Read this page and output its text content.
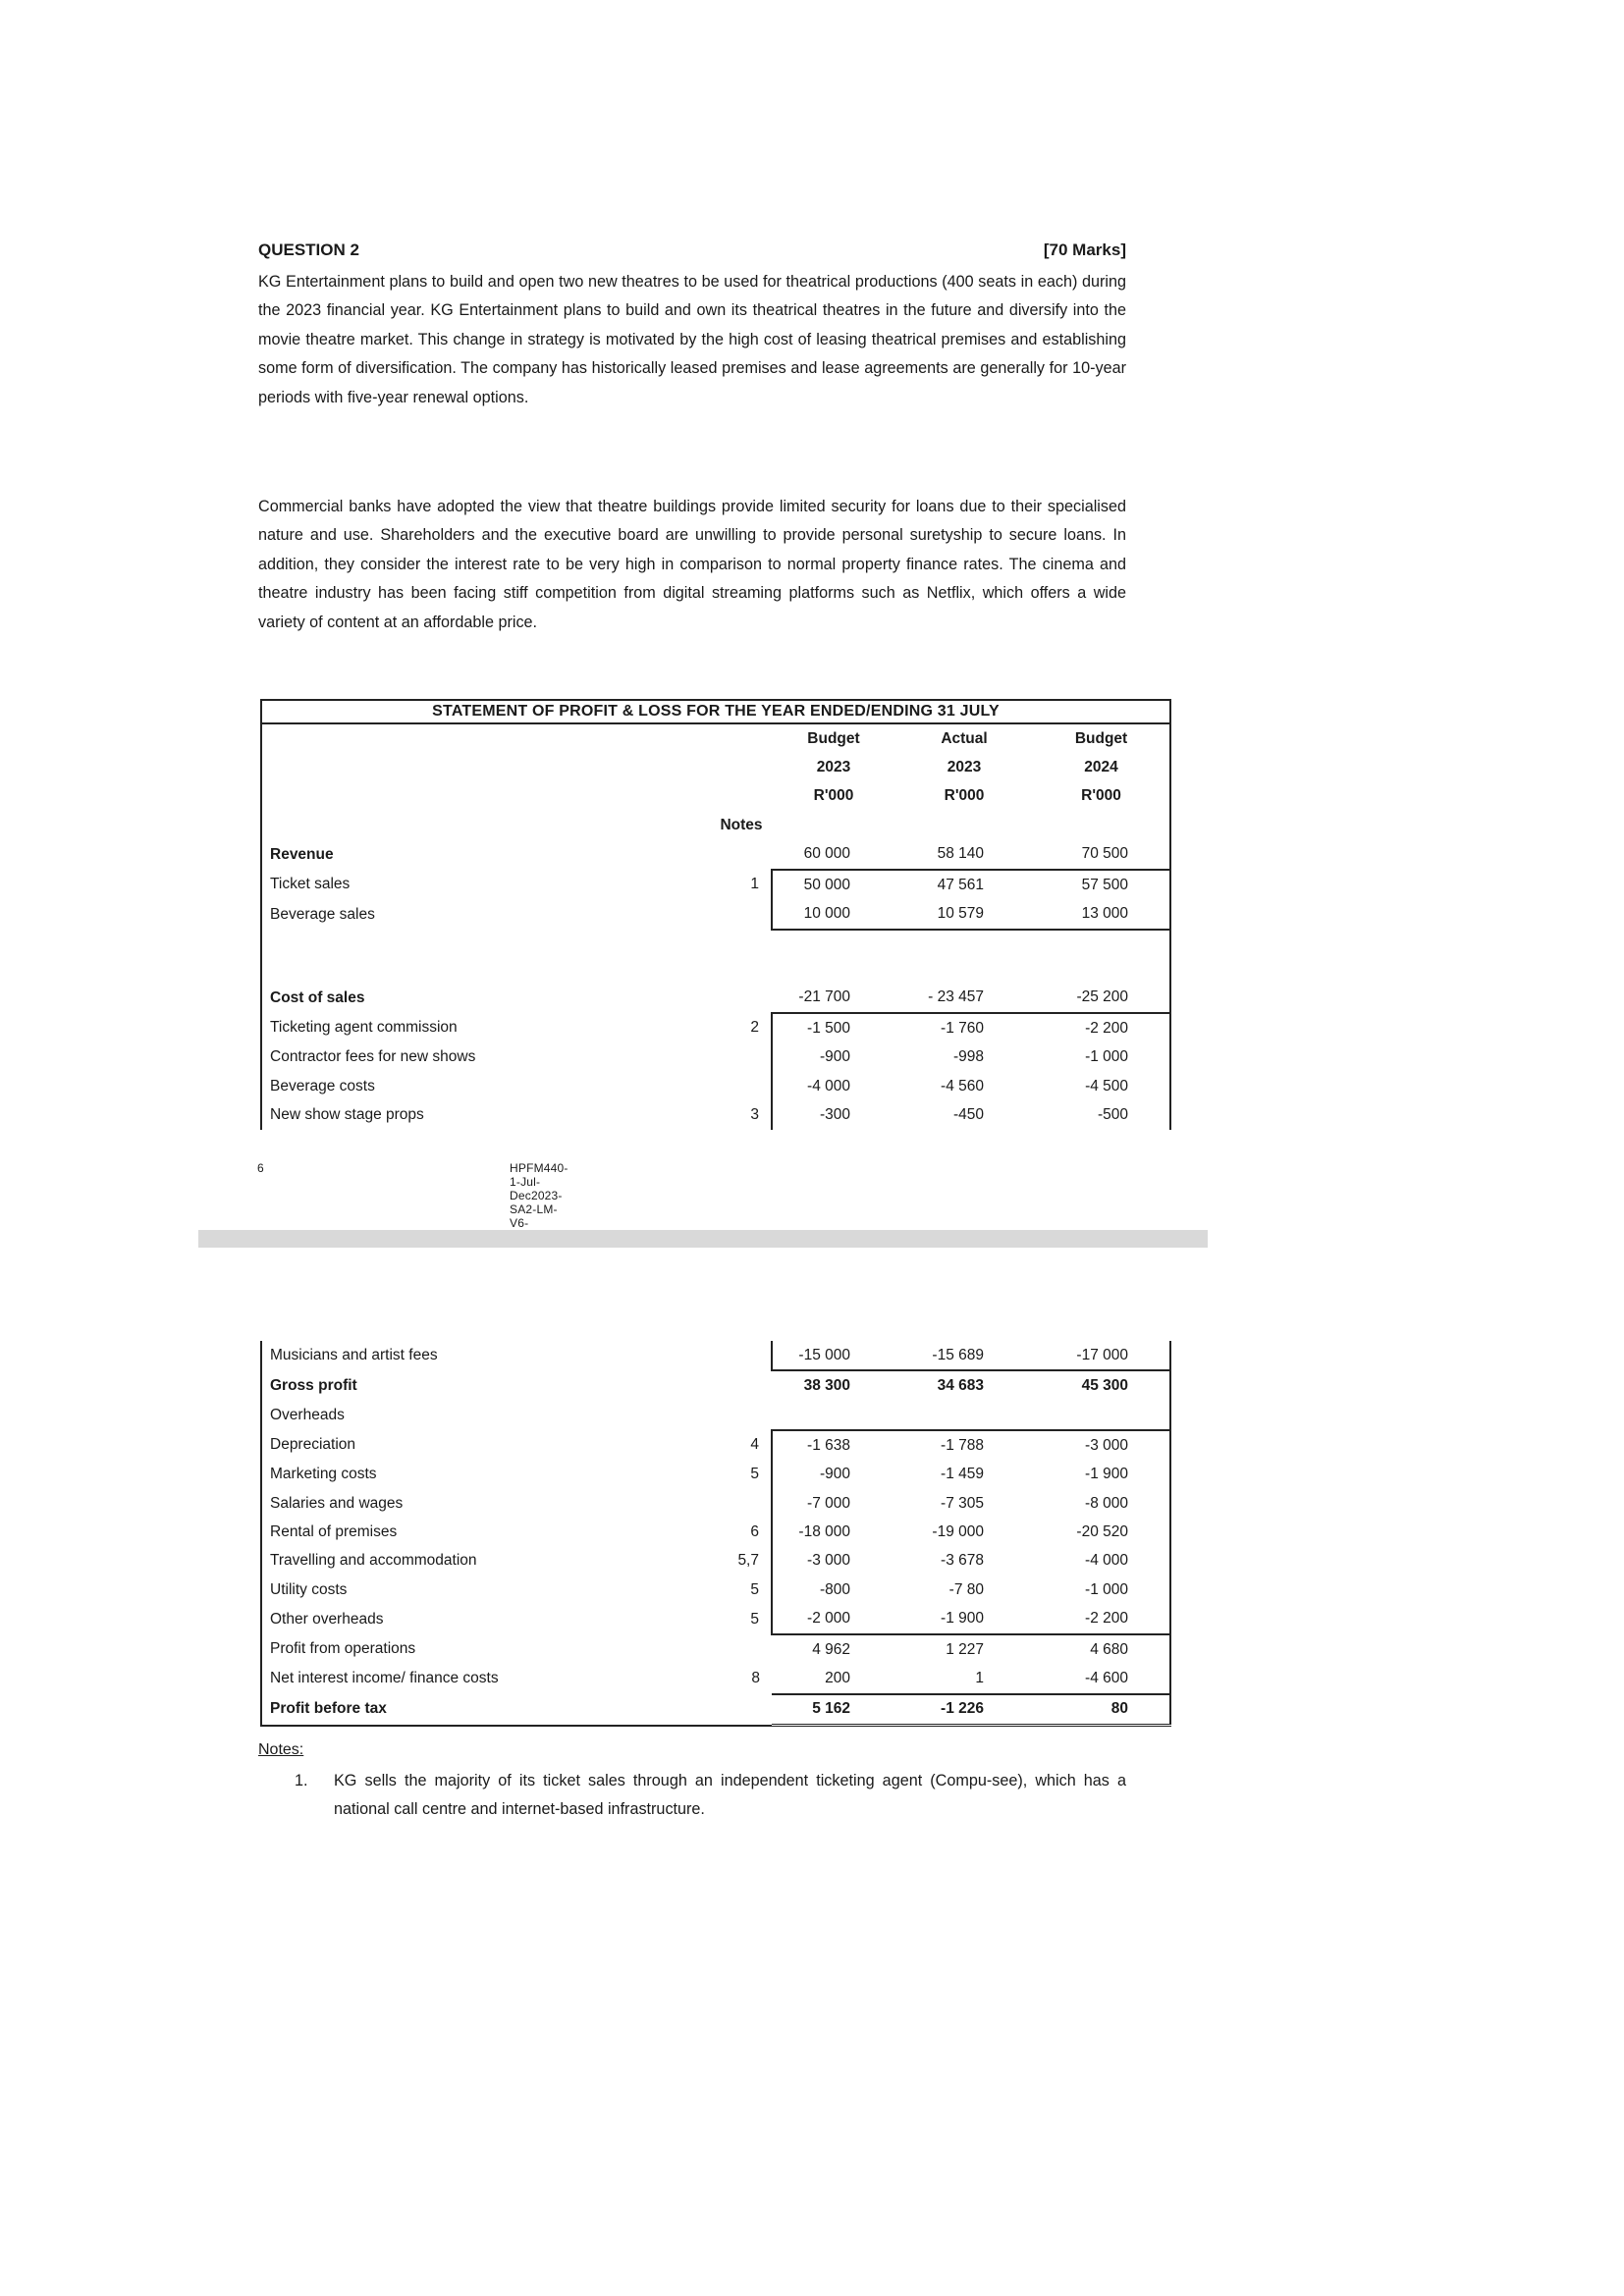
QUESTION 2	[70 Marks]
KG Entertainment plans to build and open two new theatres to be used for theatrical productions (400 seats in each) during the 2023 financial year. KG Entertainment plans to build and own its theatrical theatres in the future and diversify into the movie theatre market. This change in strategy is motivated by the high cost of leasing theatrical premises and establishing some form of diversification. The company has historically leased premises and lease agreements are generally for 10-year periods with five-year renewal options.
Commercial banks have adopted the view that theatre buildings provide limited security for loans due to their specialised nature and use. Shareholders and the executive board are unwilling to provide personal suretyship to secure loans. In addition, they consider the interest rate to be very high in comparison to normal property finance rates. The cinema and theatre industry has been facing stiff competition from digital streaming platforms such as Netflix, which offers a wide variety of content at an affordable price.
STATEMENT OF PROFIT & LOSS FOR THE YEAR ENDED/ENDING 31 JULY				
		Budget	Actual	Budget
		2023	2023	2024
		R'000	R'000	R'000
	Notes			
Revenue		60 000	58 140	70 500
Ticket sales	1	50 000	47 561	57 500
Beverage sales		10 000	10 579	13 000

Cost of sales		-21 700	- 23 457	-25 200
Ticketing agent commission	2	-1 500	-1 760	-2 200
Contractor fees for new shows		-900	-998	-1 000
Beverage costs		-4 000	-4 560	-4 500
New show stage props	3	-300	-450	-500
6	HPFM440-1-Jul-Dec2023-SA2-LM-V6-
Musicians and artist fees		-15 000	-15 689	-17 000
Gross profit		38 300	34 683	45 300
Overheads				
Depreciation	4	-1 638	-1 788	-3 000
Marketing costs	5	-900	-1 459	-1 900
Salaries and wages		-7 000	-7 305	-8 000
Rental of premises	6	-18 000	-19 000	-20 520
Travelling and accommodation	5,7	-3 000	-3 678	-4 000
Utility costs	5	-800	-7 80	-1 000
Other overheads	5	-2 000	-1 900	-2 200
Profit from operations		4 962	1 227	4 680
Net interest income/ finance costs	8	200	1	-4 600
Profit before tax		5 162	-1 226	80
Notes:
1. KG sells the majority of its ticket sales through an independent ticketing agent (Compu-see), which has a national call centre and internet-based infrastructure.
